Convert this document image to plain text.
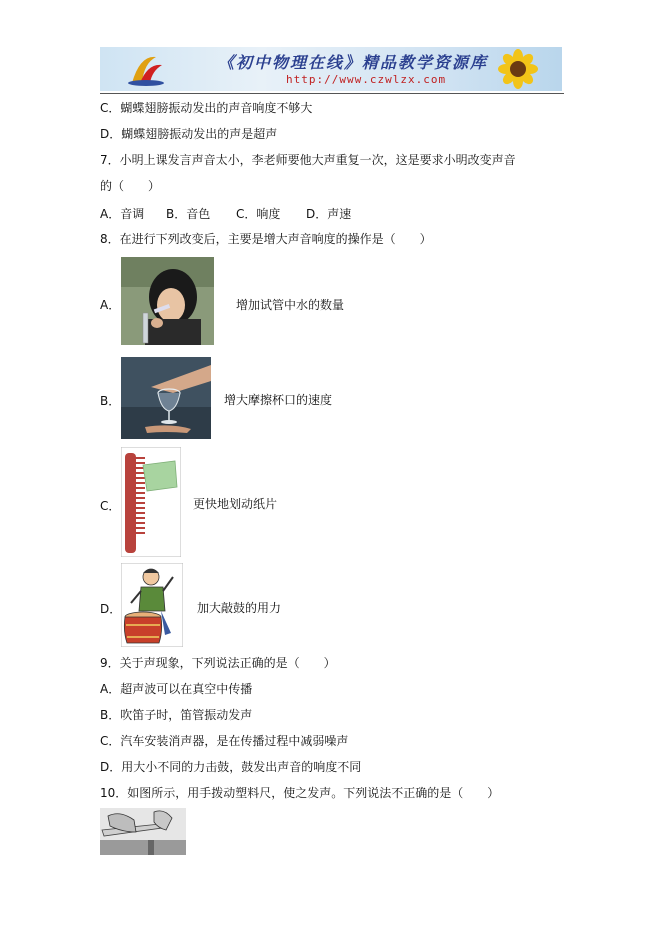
《初中物理在线》精品教学资源库
http://www.czwlzx.com
C．蝴蝶翅膀振动发出的声音响度不够大
D．蝴蝶翅膀振动发出的声是超声
7．小明上课发言声音太小，李老师要他大声重复一次，这是要求小明改变声音
的（　　）
A．音调 B．音色 C．响度 D．声速
8．在进行下列改变后，主要是增大声音响度的操作是（　　）
A．	增加试管中水的数量
B．	增大摩擦杯口的速度
C．	更快地划动纸片
D．	加大敲鼓的用力
9．关于声现象，下列说法正确的是（　　）
A．超声波可以在真空中传播
B．吹笛子时，笛管振动发声
C．汽车安装消声器，是在传播过程中减弱噪声
D．用大小不同的力击鼓，鼓发出声音的响度不同
10．如图所示，用手拨动塑料尺，使之发声。下列说法不正确的是（　　）
